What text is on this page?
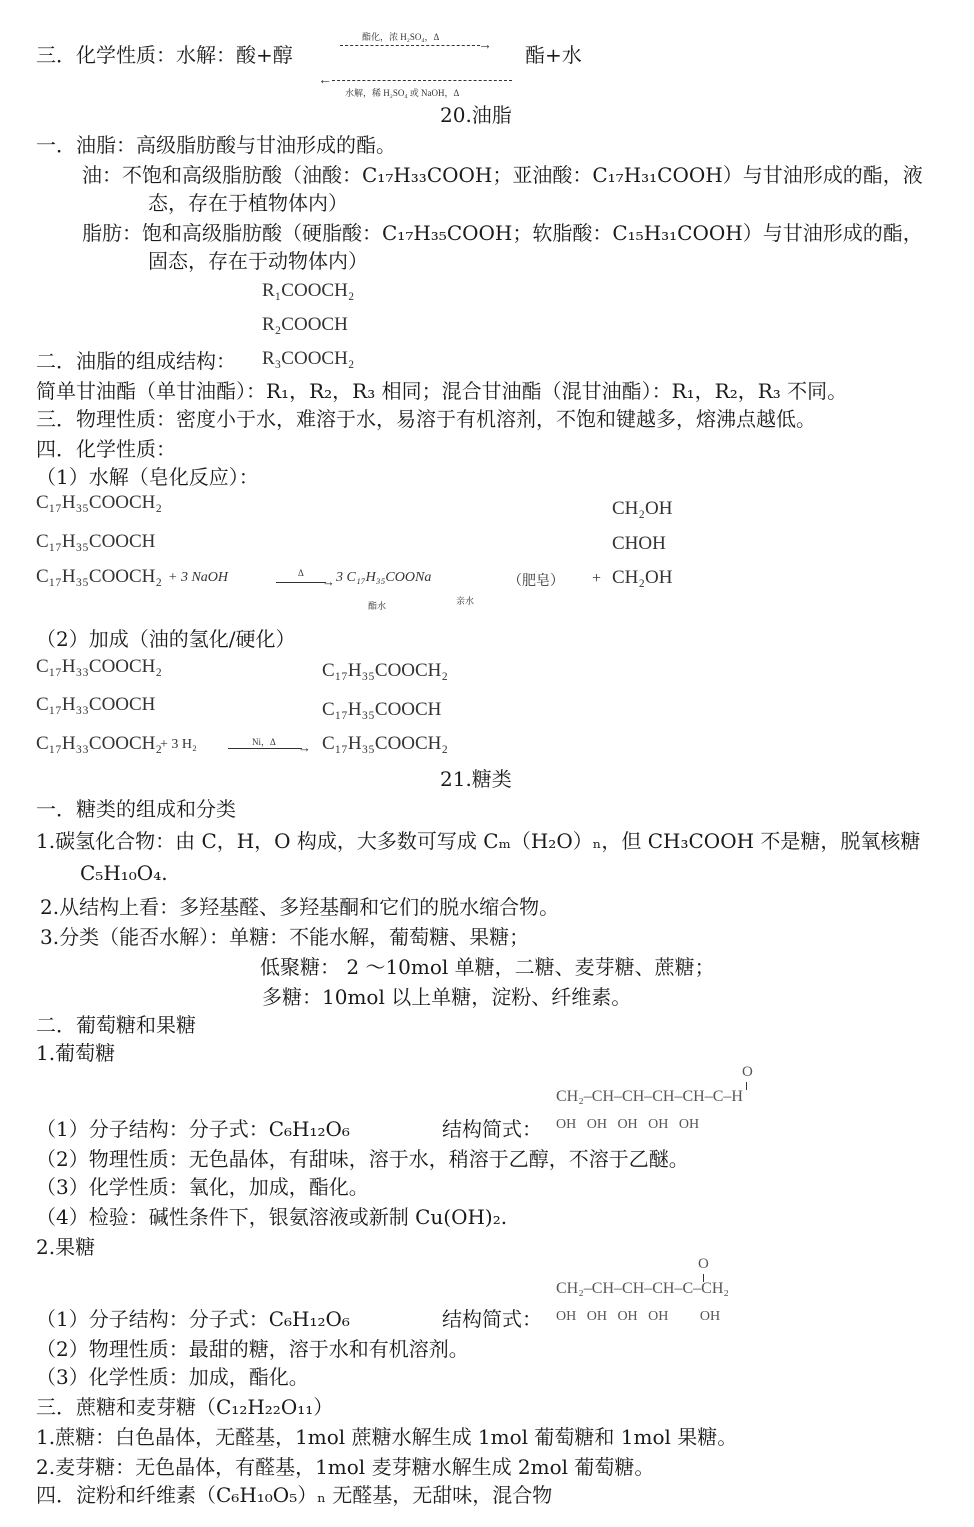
三．化学性质：水解：酸+醇
酯化，浓 H₂SO₄，Δ
→ 酯+水
←
水解，稀 H₂SO₄ 或 NaOH，Δ
20.油脂
一．油脂：高级脂肪酸与甘油形成的酯。
油：不饱和高级脂肪酸（油酸：C₁₇H₃₃COOH；亚油酸：C₁₇H₃₁COOH）与甘油形成的酯，液
态，存在于植物体内）
脂肪：饱和高级脂肪酸（硬脂酸：C₁₇H₃₅COOH；软脂酸：C₁₅H₃₁COOH）与甘油形成的酯，
固态，存在于动物体内）
R₁COOCH₂
R₂COOCH
R₃COOCH₂
二．油脂的组成结构：
简单甘油酯（单甘油酯）：R₁，R₂，R₃ 相同；混合甘油酯（混甘油酯）：R₁，R₂，R₃ 不同。
三．物理性质：密度小于水，难溶于水，易溶于有机溶剂，不饱和键越多，熔沸点越低。
四．化学性质：
（1）水解（皂化反应）：
C₁₇H₃₅COOCH₂
C₁₇H₃₅COOCH
C₁₇H₃₅COOCH₂ + 3 NaOH	Δ
→ 3 C₁₇H₃₅COONa
酯水	亲水
（肥皂） +
CH₂OH
CHOH
CH₂OH
（2）加成（油的氢化/硬化）
C₁₇H₃₃COOCH₂
C₁₇H₃₃COOCH
C₁₇H₃₃COOCH₂
+ 3 H₂	Ni，Δ →
C₁₇H₃₅COOCH₂
C₁₇H₃₅COOCH
C₁₇H₃₅COOCH₂
21.糖类
一．糖类的组成和分类
1.碳氢化合物：由 C，H，O 构成，大多数可写成 Cₘ（H₂O）ₙ，但 CH₃COOH 不是糖，脱氧核糖
C₅H₁₀O₄.
2.从结构上看：多羟基醛、多羟基酮和它们的脱水缩合物。
3.分类（能否水解）：单糖：不能水解，葡萄糖、果糖；
低聚糖： 2 ～10mol 单糖，二糖、麦芽糖、蔗糖；
多糖：10mol 以上单糖，淀粉、纤维素。
二．葡萄糖和果糖
1.葡萄糖
O
CH₂–CH–CH–CH–CH–C–H
OH   OH   OH   OH   OH
（1）分子结构：分子式：C₆H₁₂O₆	结构简式：
（2）物理性质：无色晶体，有甜味，溶于水，稍溶于乙醇，不溶于乙醚。
（3）化学性质：氧化，加成，酯化。
（4）检验：碱性条件下，银氨溶液或新制 Cu(OH)₂.
2.果糖
O
CH₂–CH–CH–CH–C–CH₂
OH   OH   OH   OH         OH
（1）分子结构：分子式：C₆H₁₂O₆	结构简式：
（2）物理性质：最甜的糖，溶于水和有机溶剂。
（3）化学性质：加成，酯化。
三．蔗糖和麦芽糖（C₁₂H₂₂O₁₁）
1.蔗糖：白色晶体，无醛基，1mol 蔗糖水解生成 1mol 葡萄糖和 1mol 果糖。
2.麦芽糖：无色晶体，有醛基，1mol 麦芽糖水解生成 2mol 葡萄糖。
四．淀粉和纤维素（C₆H₁₀O₅）ₙ 无醛基，无甜味，混合物
